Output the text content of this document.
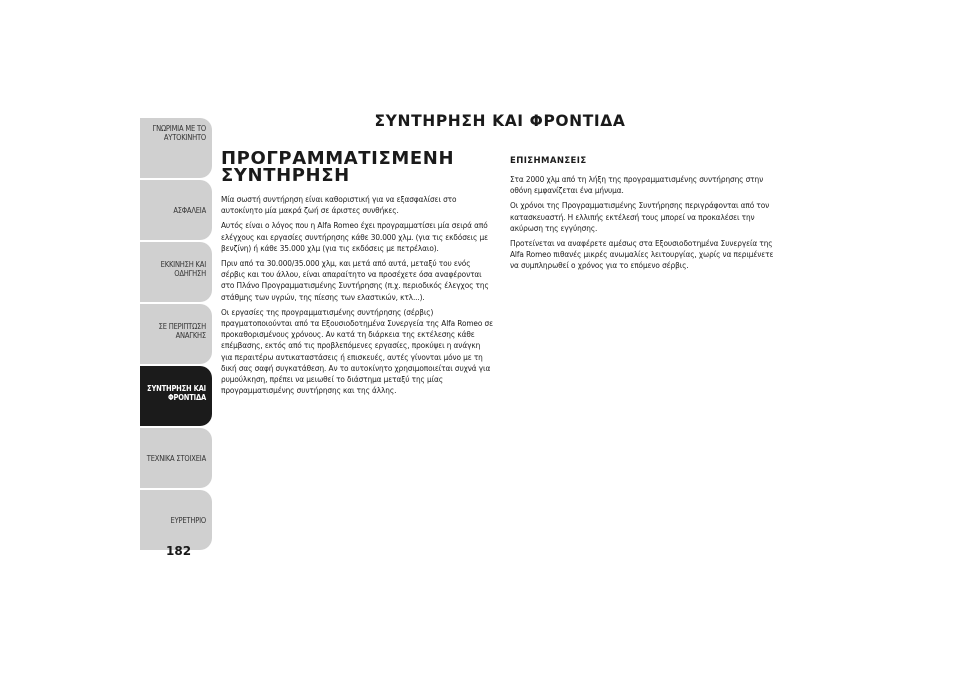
ΓΝΩΡΙΜΙΑ ΜΕ ΤΟ
ΑΥΤΟΚΙΝΗΤΟ
ΑΣΦΑΛΕΙΑ
ΕΚΚΙΝΗΣΗ ΚΑΙ
ΟΔΗΓΗΣΗ
ΣΕ ΠΕΡΙΠΤΩΣΗ
ΑΝΑΓΚΗΣ
ΣΥΝΤΗΡΗΣΗ ΚΑΙ
ΦΡΟΝΤΙΔΑ
ΤΕΧΝΙΚΑ ΣΤΟΙΧΕΙΑ
ΕΥΡΕΤΗΡΙΟ
182
ΣΥΝΤΗΡΗΣΗ ΚΑΙ ΦΡΟΝΤΙΔΑ
ΠΡΟΓΡΑΜΜΑΤΙΣΜΕΝΗ
ΣΥΝΤΗΡΗΣΗ

Μία σωστή συντήρηση είναι καθοριστική για να εξασφαλίσει στο αυτοκίνητο μία μακρά ζωή σε άριστες συνθήκες.

Αυτός είναι ο λόγος που η Alfa Romeo έχει προγραμματίσει μία σειρά από ελέγχους και εργασίες συντήρησης κάθε 30.000 χλμ. (για τις εκδόσεις με βενζίνη) ή κάθε 35.000 χλμ (για τις εκδόσεις με πετρέλαιο).

Πριν από τα 30.000/35.000 χλμ, και μετά από αυτά, μεταξύ του ενός σέρβις και του άλλου, είναι απαραίτητο να προσέχετε όσα αναφέρονται στο Πλάνο Προγραμματισμένης Συντήρησης (π.χ. περιοδικός έλεγχος της στάθμης των υγρών, της πίεσης των ελαστικών, κτλ...).

Οι εργασίες της προγραμματισμένης συντήρησης (σέρβις) πραγματοποιούνται από τα Εξουσιοδοτημένα Συνεργεία της Alfa Romeo σε προκαθορισμένους χρόνους. Αν κατά τη διάρκεια της εκτέλεσης κάθε επέμβασης, εκτός από τις προβλεπόμενες εργασίες, προκύψει η ανάγκη για περαιτέρω αντικαταστάσεις ή επισκευές, αυτές γίνονται μόνο με τη δική σας σαφή συγκατάθεση. Αν το αυτοκίνητο χρησιμοποιείται συχνά για ρυμούλκηση, πρέπει να μειωθεί το διάστημα μεταξύ της μίας προγραμματισμένης συντήρησης και της άλλης.

ΕΠΙΣΗΜΑΝΣΕΙΣ

Στα 2000 χλμ από τη λήξη της προγραμματισμένης συντήρησης στην οθόνη εμφανίζεται ένα μήνυμα.

Οι χρόνοι της Προγραμματισμένης Συντήρησης περιγράφονται από τον κατασκευαστή. Η ελλιπής εκτέλεσή τους μπορεί να προκαλέσει την ακύρωση της εγγύησης.

Προτείνεται να αναφέρετε αμέσως στα Εξουσιοδοτημένα Συνεργεία της Alfa Romeo πιθανές μικρές ανωμαλίες λειτουργίας, χωρίς να περιμένετε να συμπληρωθεί ο χρόνος για το επόμενο σέρβις.
